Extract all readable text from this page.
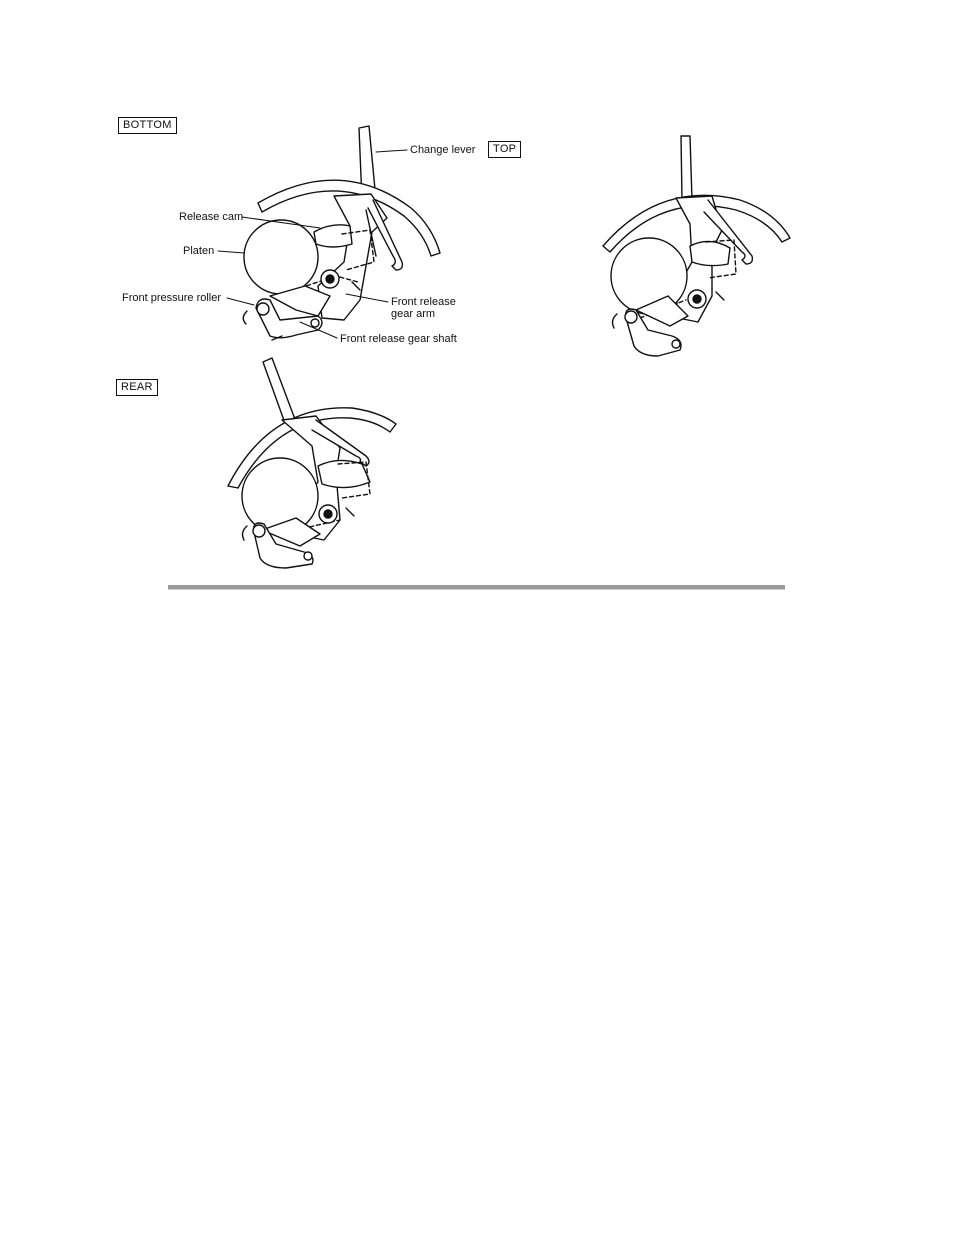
BOTTOM
TOP
REAR
Change lever
Release cam
Platen
Front pressure roller	Front release
gear arm
Front release gear shaft
